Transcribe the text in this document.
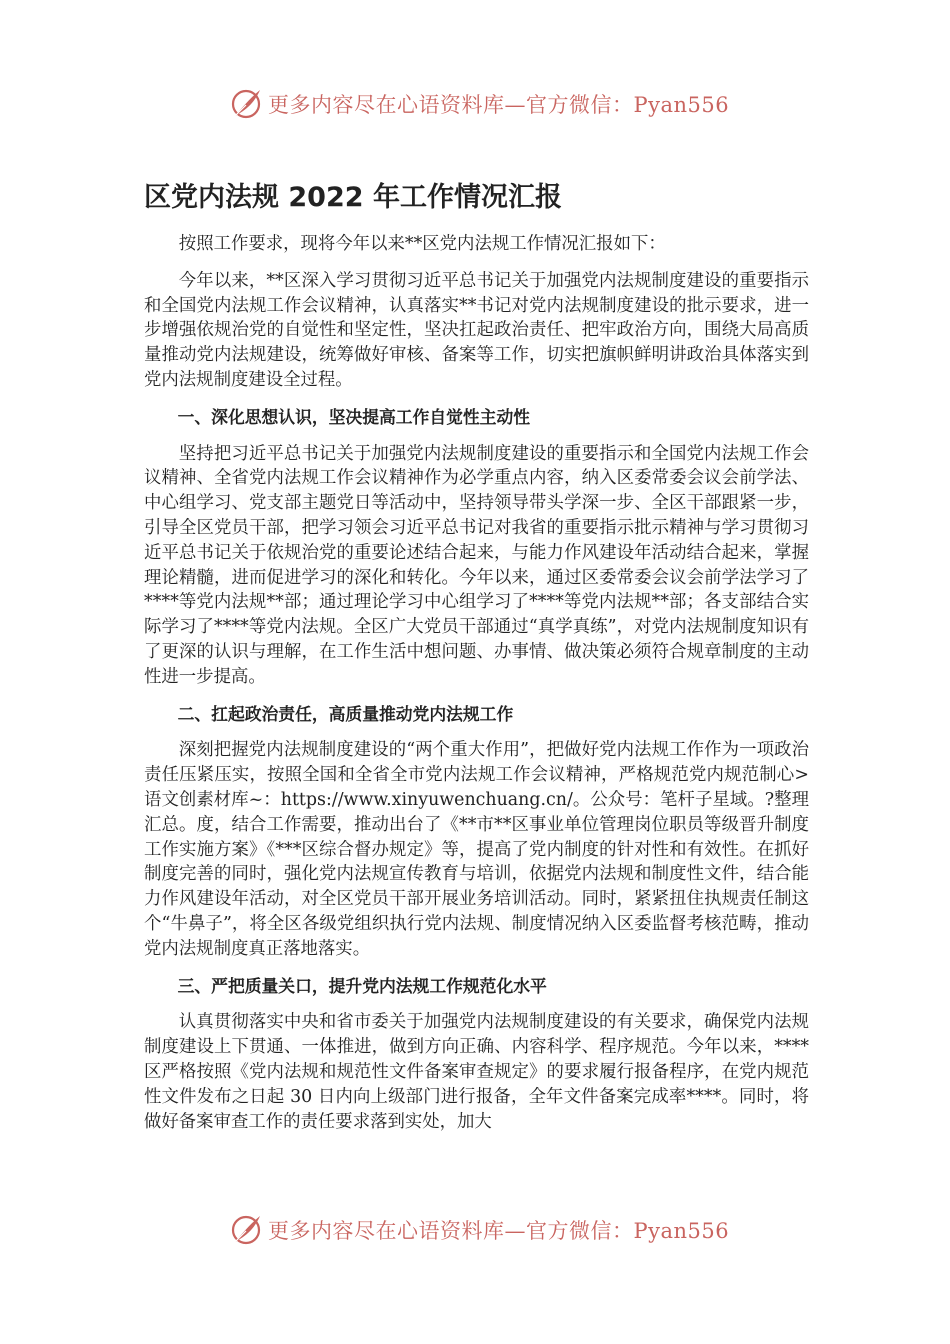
更多内容尽在心语资料库—官方微信：Pyan556
区党内法规 2022 年工作情况汇报

按照工作要求，现将今年以来**区党内法规工作情况汇报如下：

今年以来，**区深入学习贯彻习近平总书记关于加强党内法规制度建设的重要指示和全国党内法规工作会议精神，认真落实**书记对党内法规制度建设的批示要求，进一步增强依规治党的自觉性和坚定性，坚决扛起政治责任、把牢政治方向，围绕大局高质量推动党内法规建设，统筹做好审核、备案等工作，切实把旗帜鲜明讲政治具体落实到党内法规制度建设全过程。

一、深化思想认识，坚决提高工作自觉性主动性

坚持把习近平总书记关于加强党内法规制度建设的重要指示和全国党内法规工作会议精神、全省党内法规工作会议精神作为必学重点内容，纳入区委常委会议会前学法、中心组学习、党支部主题党日等活动中，坚持领导带头学深一步、全区干部跟紧一步，引导全区党员干部，把学习领会习近平总书记对我省的重要指示批示精神与学习贯彻习近平总书记关于依规治党的重要论述结合起来，与能力作风建设年活动结合起来，掌握理论精髓，进而促进学习的深化和转化。今年以来，通过区委常委会议会前学法学习了****等党内法规**部；通过理论学习中心组学习了****等党内法规**部；各支部结合实际学习了****等党内法规。全区广大党员干部通过“真学真练”，对党内法规制度知识有了更深的认识与理解，在工作生活中想问题、办事情、做决策必须符合规章制度的主动性进一步提高。

二、扛起政治责任，高质量推动党内法规工作

深刻把握党内法规制度建设的“两个重大作用”，把做好党内法规工作作为一项政治责任压紧压实，按照全国和全省全市党内法规工作会议精神，严格规范党内规范制心>语文创素材库~：https://www.xinyuwenchuang.cn/。公众号：笔杆子星域。?整理汇总。度，结合工作需要，推动出台了《**市**区事业单位管理岗位职员等级晋升制度工作实施方案》《***区综合督办规定》等，提高了党内制度的针对性和有效性。在抓好制度完善的同时，强化党内法规宣传教育与培训，依据党内法规和制度性文件，结合能力作风建设年活动，对全区党员干部开展业务培训活动。同时，紧紧扭住执规责任制这个“牛鼻子”，将全区各级党组织执行党内法规、制度情况纳入区委监督考核范畴，推动党内法规制度真正落地落实。

三、严把质量关口，提升党内法规工作规范化水平

认真贯彻落实中央和省市委关于加强党内法规制度建设的有关要求，确保党内法规制度建设上下贯通、一体推进，做到方向正确、内容科学、程序规范。今年以来，****区严格按照《党内法规和规范性文件备案审查规定》的要求履行报备程序，在党内规范性文件发布之日起 30 日内向上级部门进行报备，全年文件备案完成率****。同时，将做好备案审查工作的责任要求落到实处，加大

更多内容尽在心语资料库—官方微信：Pyan556
